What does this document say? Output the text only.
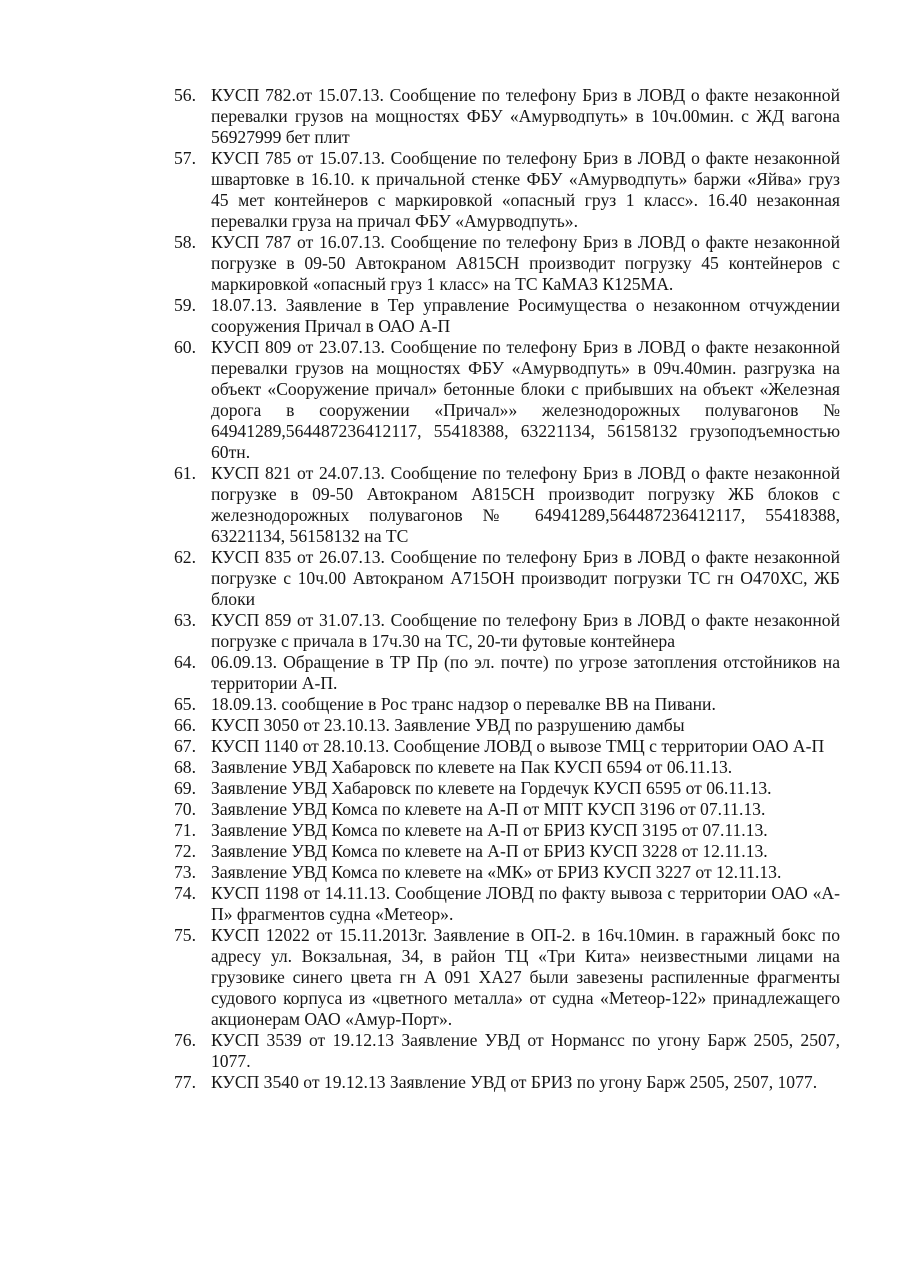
56. КУСП 782.от 15.07.13. Сообщение по телефону Бриз в ЛОВД о факте незаконной перевалки грузов на мощностях ФБУ «Амурводпуть» в 10ч.00мин. с ЖД вагона 56927999 бет плит
57. КУСП 785 от 15.07.13. Сообщение по телефону Бриз в ЛОВД о факте незаконной швартовке в 16.10. к причальной стенке ФБУ «Амурводпуть» баржи «Яйва» груз 45 мет контейнеров с маркировкой «опасный груз 1 класс». 16.40 незаконная перевалки груза на причал ФБУ «Амурводпуть».
58. КУСП 787 от 16.07.13. Сообщение по телефону Бриз в ЛОВД о факте незаконной погрузке в 09-50 Автокраном А815СН производит погрузку 45 контейнеров с маркировкой «опасный груз 1 класс» на ТС КаМАЗ К125МА.
59. 18.07.13. Заявление в Тер управление Росимущества о незаконном отчуждении сооружения Причал в ОАО А-П
60. КУСП 809 от 23.07.13. Сообщение по телефону Бриз в ЛОВД о факте незаконной перевалки грузов на мощностях ФБУ «Амурводпуть» в 09ч.40мин. разгрузка на объект «Сооружение причал» бетонные блоки с прибывших на объект «Железная дорога в сооружении «Причал»» железнодорожных полувагонов № 64941289,564487236412117, 55418388, 63221134, 56158132 грузоподъемностью 60тн.
61. КУСП 821 от 24.07.13. Сообщение по телефону Бриз в ЛОВД о факте незаконной погрузке в 09-50 Автокраном А815СН производит погрузку ЖБ блоков с железнодорожных полувагонов № 64941289,564487236412117, 55418388, 63221134, 56158132 на ТС
62. КУСП 835 от 26.07.13. Сообщение по телефону Бриз в ЛОВД о факте незаконной погрузке с 10ч.00 Автокраном А715ОН производит погрузки ТС гн О470ХС, ЖБ блоки
63. КУСП 859 от 31.07.13. Сообщение по телефону Бриз в ЛОВД о факте незаконной погрузке с причала в 17ч.30 на ТС, 20-ти футовые контейнера
64. 06.09.13. Обращение в ТР Пр (по эл. почте) по угрозе затопления отстойников на территории А-П.
65. 18.09.13. сообщение в Рос транс надзор о перевалке ВВ на Пивани.
66. КУСП 3050 от 23.10.13. Заявление УВД по разрушению дамбы
67. КУСП 1140 от 28.10.13. Сообщение ЛОВД о вывозе ТМЦ с территории ОАО А-П
68. Заявление УВД Хабаровск по клевете на Пак КУСП 6594 от 06.11.13.
69. Заявление УВД Хабаровск по клевете на Гордечук КУСП 6595 от 06.11.13.
70. Заявление УВД Комса по клевете на А-П от МПТ КУСП 3196 от 07.11.13.
71. Заявление УВД Комса по клевете на А-П от БРИЗ КУСП 3195 от 07.11.13.
72. Заявление УВД Комса по клевете на А-П от БРИЗ КУСП 3228 от 12.11.13.
73. Заявление УВД Комса по клевете на «МК» от БРИЗ КУСП 3227 от 12.11.13.
74. КУСП 1198 от 14.11.13. Сообщение ЛОВД по факту вывоза с территории ОАО «А-П» фрагментов судна «Метеор».
75. КУСП 12022 от 15.11.2013г. Заявление в ОП-2. в 16ч.10мин. в гаражный бокс по адресу ул. Вокзальная, 34, в район ТЦ «Три Кита» неизвестными лицами на грузовике синего цвета гн А 091 ХА27 были завезены распиленные фрагменты судового корпуса из «цветного металла» от судна «Метеор-122» принадлежащего акционерам ОАО «Амур-Порт».
76. КУСП 3539 от 19.12.13 Заявление УВД от Нормансс по угону Барж 2505, 2507, 1077.
77. КУСП 3540 от 19.12.13 Заявление УВД от БРИЗ по угону Барж 2505, 2507, 1077.
